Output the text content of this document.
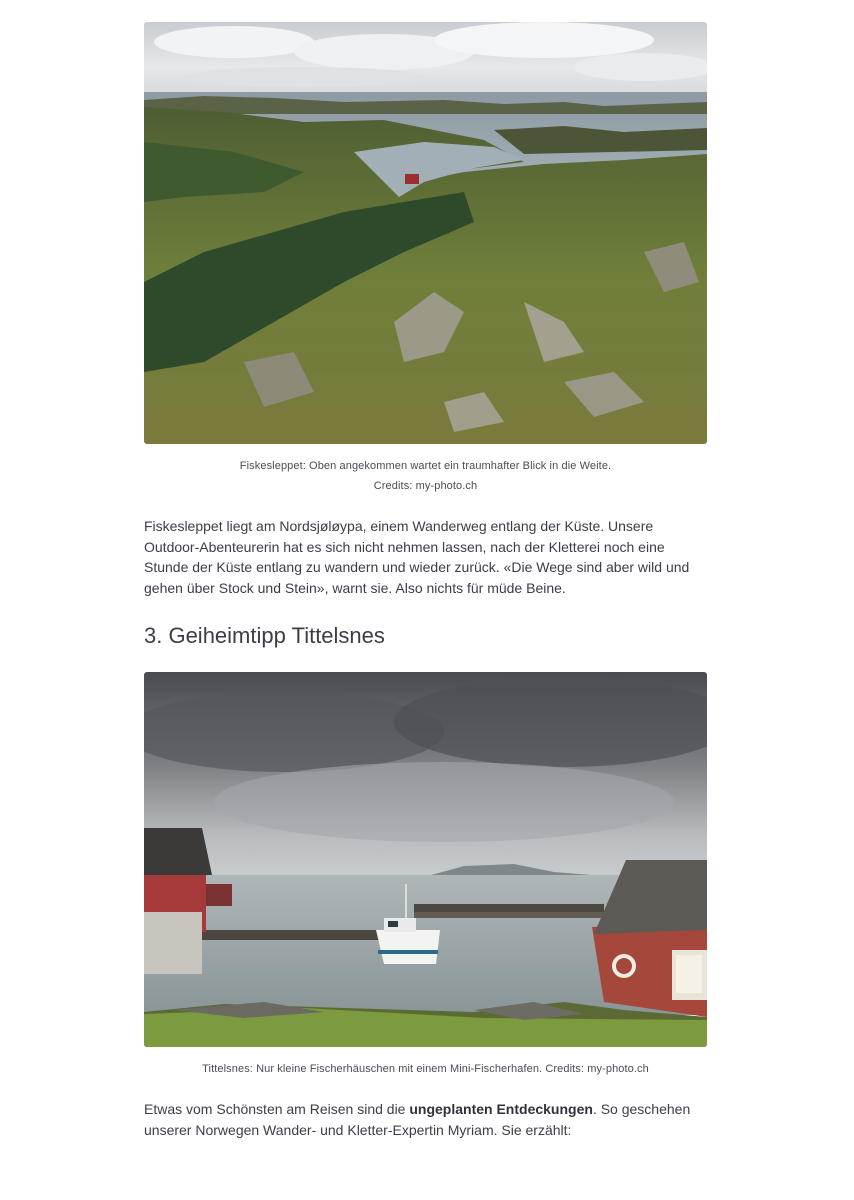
Fiskesleppet: Oben angekommen wartet ein traumhafter Blick in die Weite.
Credits: my-photo.ch

Fiskesleppet liegt am Nordsjøløypa, einem Wanderweg entlang der Küste. Unsere Outdoor-Abenteurerin hat es sich nicht nehmen lassen, nach der Kletterei noch eine Stunde der Küste entlang zu wandern und wieder zurück. «Die Wege sind aber wild und gehen über Stock und Stein», warnt sie. Also nichts für müde Beine.

3. Geiheimtipp Tittelsnes
Tittelsnes: Nur kleine Fischerhäuschen mit einem Mini-Fischerhafen. Credits: my-photo.ch

Etwas vom Schönsten am Reisen sind die ungeplanten Entdeckungen. So geschehen unserer Norwegen Wander- und Kletter-Expertin Myriam. Sie erzählt:
